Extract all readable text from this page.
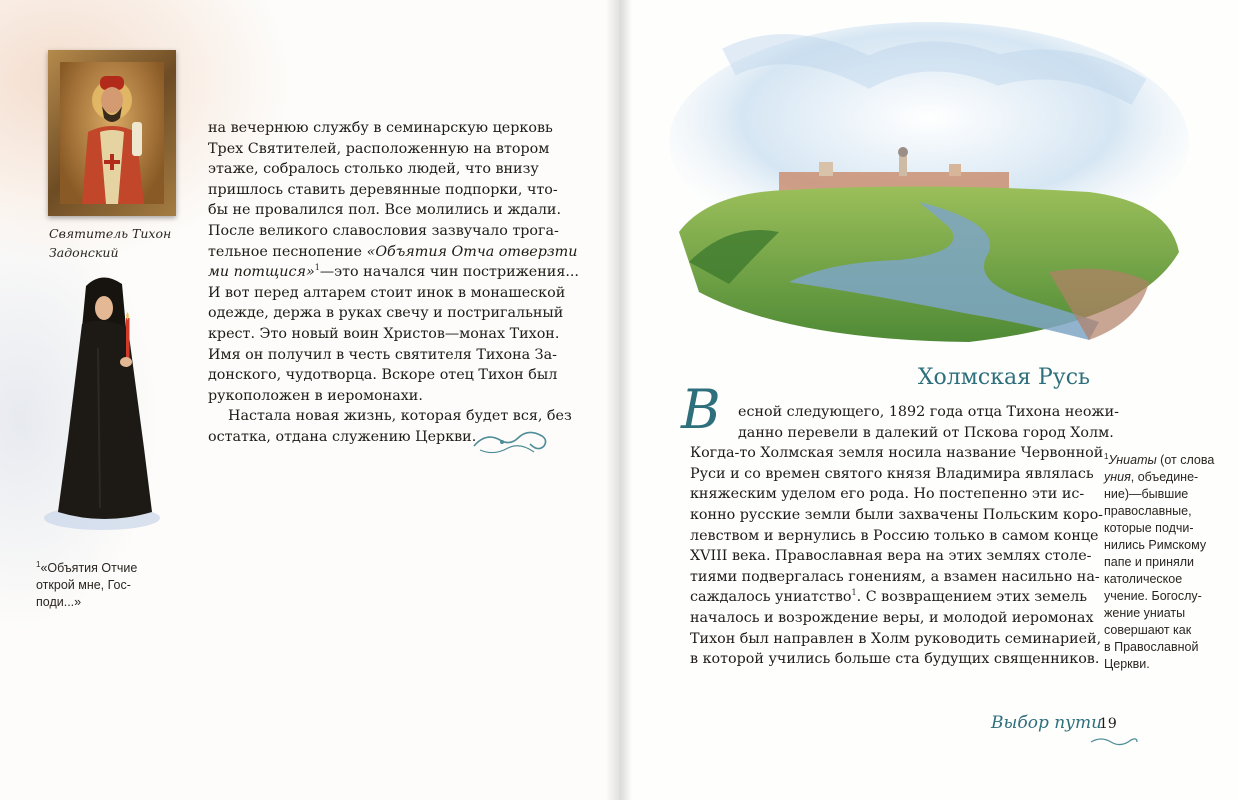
Святитель Тихон
Задонский
$^1$«Объятия Отчие
открой мне, Гос-
поди...»
на вечернюю службу в семинарскую церковь
Трех Святителей, расположенную на втором
этаже, собралось столько людей, что внизу
пришлось ставить деревянные подпорки, что-
бы не провалился пол. Все молились и ждали.
После великого славословия зазвучало трога-
тельное песнопение «Объятия Отча отверзти
ми потщися»$^1$—это начался чин пострижения...
И вот перед алтарем стоит инок в монашеской
одежде, держа в руках свечу и постригальный
крест. Это новый воин Христов—монах Тихон.
Имя он получил в честь святителя Тихона За-
донского, чудотворца. Вскоре отец Тихон был
рукоположен в иеромонахи.
Настала новая жизнь, которая будет вся, без
остатка, отдана служению Церкви.
Холмская Русь
В	есной следующего, 1892 года отца Тихона неожи-
данно перевели в далекий от Пскова город Холм.
Когда-то Холмская земля носила название Червонной
Руси и со времен святого князя Владимира являлась
княжеским уделом его рода. Но постепенно эти ис-
конно русские земли были захвачены Польским коро-
левством и вернулись в Россию только в самом конце
XVIII века. Православная вера на этих землях столе-
тиями подвергалась гонениям, а взамен насильно на-
саждалось униатство$^1$. С возвращением этих земель
началось и возрождение веры, и молодой иеромонах
Тихон был направлен в Холм руководить семинарией,
в которой учились больше ста будущих священников.
$^1$Униаты (от слова
уния, объедине-
ние)—бывшие
православные,
которые подчи-
нились Римскому
папе и приняли
католическое
учение. Богослу-
жение униаты
совершают как
в Православной
Церкви.
Выбор пути
19
